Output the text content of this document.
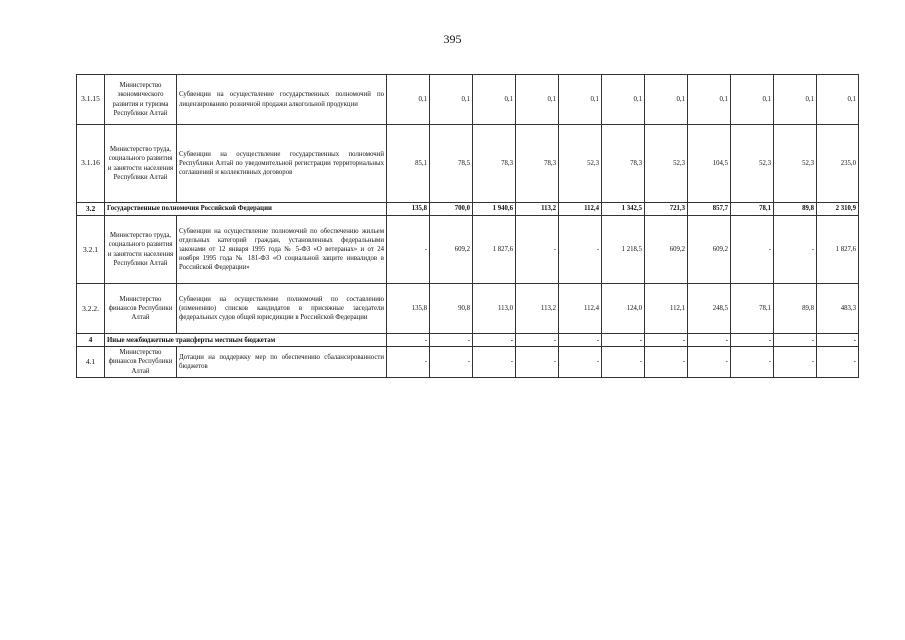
395
3.1.15	Министерство экономического развития и туризма Республики Алтай	Субвенции на осуществление государственных полномочий по лицензированию розничной продажи алкогольной продукции	0,1	0,1	0,1	0,1	0,1	0,1	0,1	0,1	0,1	0,1	0,1
3.1.16	Министерство труда, социального развития и занятости населения Республики Алтай	Субвенции на осуществление государственных полномочий Республики Алтай по уведомительной регистрации территориальных соглашений и коллективных договоров	85,1	78,5	78,3	78,3	52,3	78,3	52,3	104,5	52,3	52,3	235,0
3.2	Государственные полномочия Российской Федерации		135,8	700,0	1 940,6	113,2	112,4	1 342,5	721,3	857,7	78,1	89,8	2 310,9
3.2.1	Министерство труда, социального развития и занятости населения Республики Алтай	Субвенции на осуществление полномочий по обеспечению жильем отдельных категорий граждан, установленных федеральными законами от 12 января 1995 года № 5-ФЗ «О ветеранах» и от 24 ноября 1995 года № 181-ФЗ «О социальной защите инвалидов в Российской Федерации»	-	609,2	1 827,6	-	-	1 218,5	609,2	609,2	-	-	1 827,6
3.2.2.	Министерство финансов Республики Алтай	Субвенции на осуществление полномочий по составлению (изменению) списков кандидатов в присяжные заседатели федеральных судов общей юрисдикции в Российской Федерации	135,8	90,8	113,0	113,2	112,4	124,0	112,1	248,5	78,1	89,8	483,3
4	Иные межбюджетные трансферты местным бюджетам		-	-	-	-	-	-	-	-	-	-	-
4.1	Министерство финансов Республики Алтай	Дотации на поддержку мер по обеспечению сбалансированности бюджетов	-	-	-	-	-	-	-	-	-	-	-
